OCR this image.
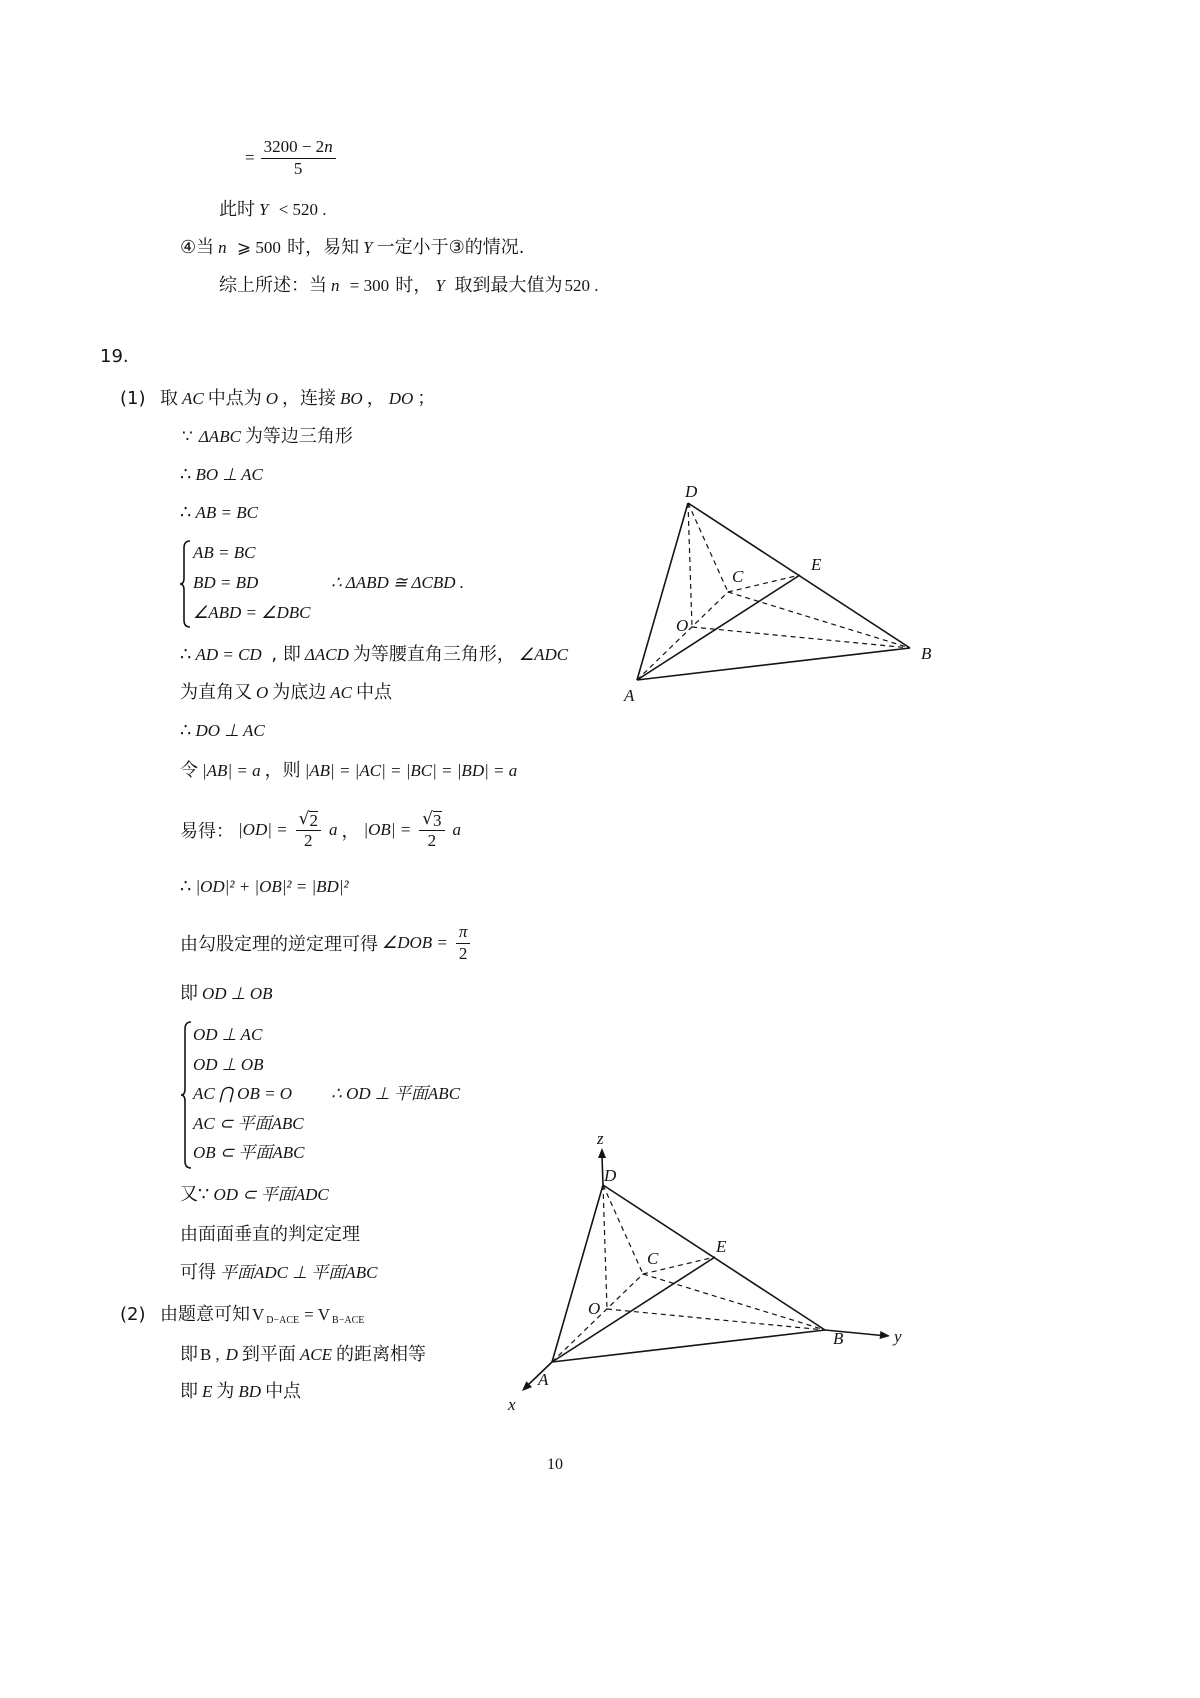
= $\frac{3200 - 2 n}{5}$
此时 Y < 520 .
④当 n ⩾ 500 时，易知 Y 一定小于③的情况.
综上所述：当 n = 300 时， Y 取到最大值为 520 .
19.
(1) 取 AC 中点为 O ，连接 BO ， DO ；
∵ ΔABC 为等边三角形
∴ BO ⊥ AC
∴ AB = BC
AB = BC
BD = BD
∠ABD = ∠DBC
∴ ΔABD ≅ ΔCBD .
∴ AD = CD , 即 ΔACD 为等腰直角三角形， ∠ADC
为直角又 O 为底边 AC 中点
∴ DO ⊥ AC
令 |AB| = a ，则 |AB| = |AC| = |BC| = |BD| = a
易得： $|OD| = \frac{√ 2}{2}$ a ， $|OB| = \frac{√ 3}{2}$ a
∴ |OD|² + |OB|² = |BD|²
由勾股定理的逆定理可得 ∠DOB = $\frac{\pi}{2}$
即 OD ⊥ OB
OD ⊥ AC
OD ⊥ OB
AC ⋂ OB = O
AC ⊂ 平面ABC
OB ⊂ 平面ABC
∴ OD ⊥ 平面ABC
又∵ OD ⊂ 平面ADC
由面面垂直的判定定理
可得 平面ADC ⊥ 平面ABC
(2) 由题意可知 V D−ACE = V B−ACE
即 B , D 到平面 ACE 的距离相等
即 E 为 BD 中点
D
E
C
O
B
A
z
D
E
C
O
B	y
A
x
10
